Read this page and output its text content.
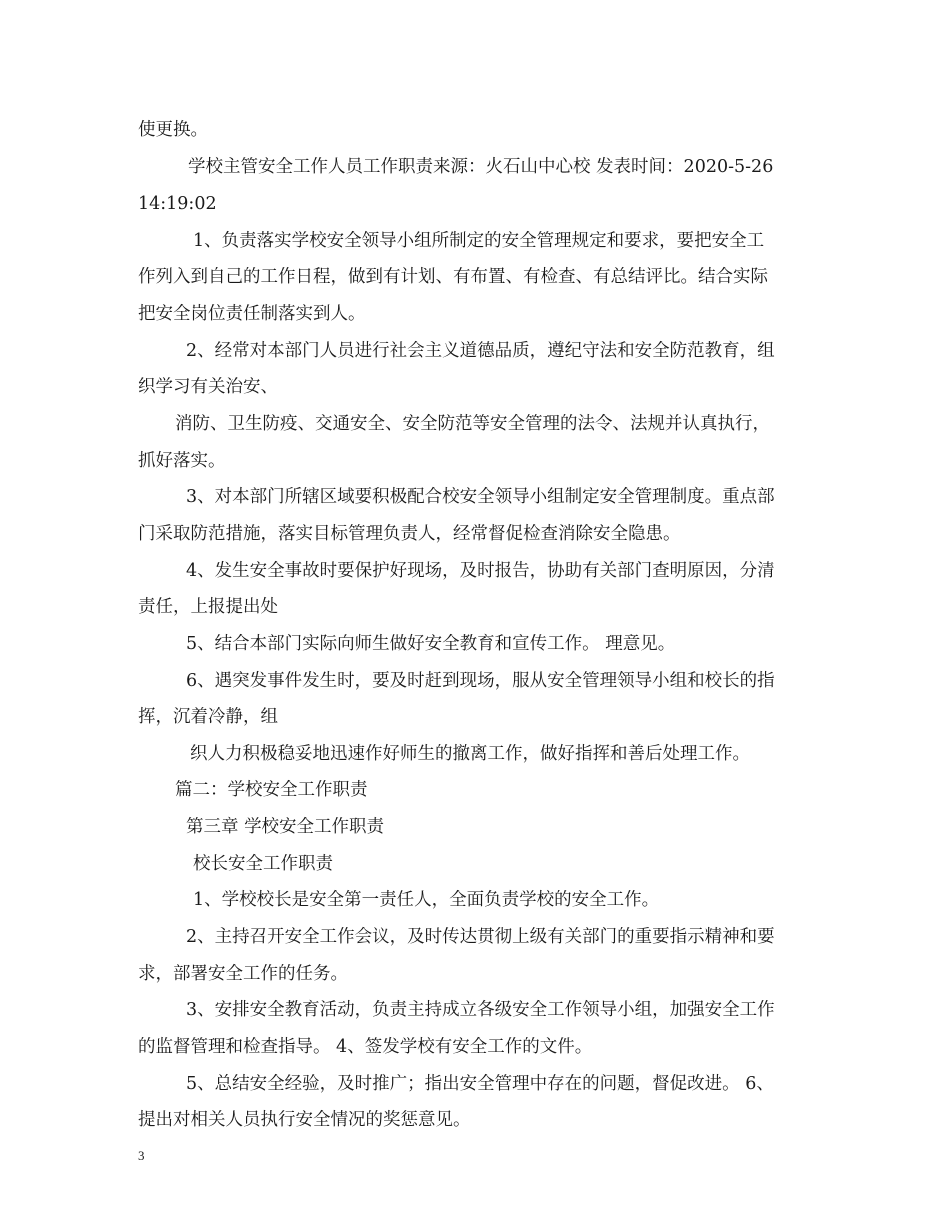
使更换。
学校主管安全工作人员工作职责来源：火石山中心校 发表时间：2020-5-26
14:19:02
1、负责落实学校安全领导小组所制定的安全管理规定和要求，要把安全工
作列入到自己的工作日程，做到有计划、有布置、有检查、有总结评比。结合实际
把安全岗位责任制落实到人。
2、经常对本部门人员进行社会主义道德品质，遵纪守法和安全防范教育，组
织学习有关治安、
消防、卫生防疫、交通安全、安全防范等安全管理的法令、法规并认真执行，
抓好落实。
3、对本部门所辖区域要积极配合校安全领导小组制定安全管理制度。重点部
门采取防范措施，落实目标管理负责人，经常督促检查消除安全隐患。
4、发生安全事故时要保护好现场，及时报告，协助有关部门查明原因，分清
责任，上报提出处
5、结合本部门实际向师生做好安全教育和宣传工作。 理意见。
6、遇突发事件发生时，要及时赶到现场，服从安全管理领导小组和校长的指
挥，沉着冷静，组
织人力积极稳妥地迅速作好师生的撤离工作，做好指挥和善后处理工作。
篇二：学校安全工作职责
第三章 学校安全工作职责
校长安全工作职责
1、学校校长是安全第一责任人，全面负责学校的安全工作。
2、主持召开安全工作会议，及时传达贯彻上级有关部门的重要指示精神和要
求，部署安全工作的任务。
3、安排安全教育活动，负责主持成立各级安全工作领导小组，加强安全工作
的监督管理和检查指导。 4、签发学校有安全工作的文件。
5、总结安全经验，及时推广；指出安全管理中存在的问题，督促改进。 6、
提出对相关人员执行安全情况的奖惩意见。
3
